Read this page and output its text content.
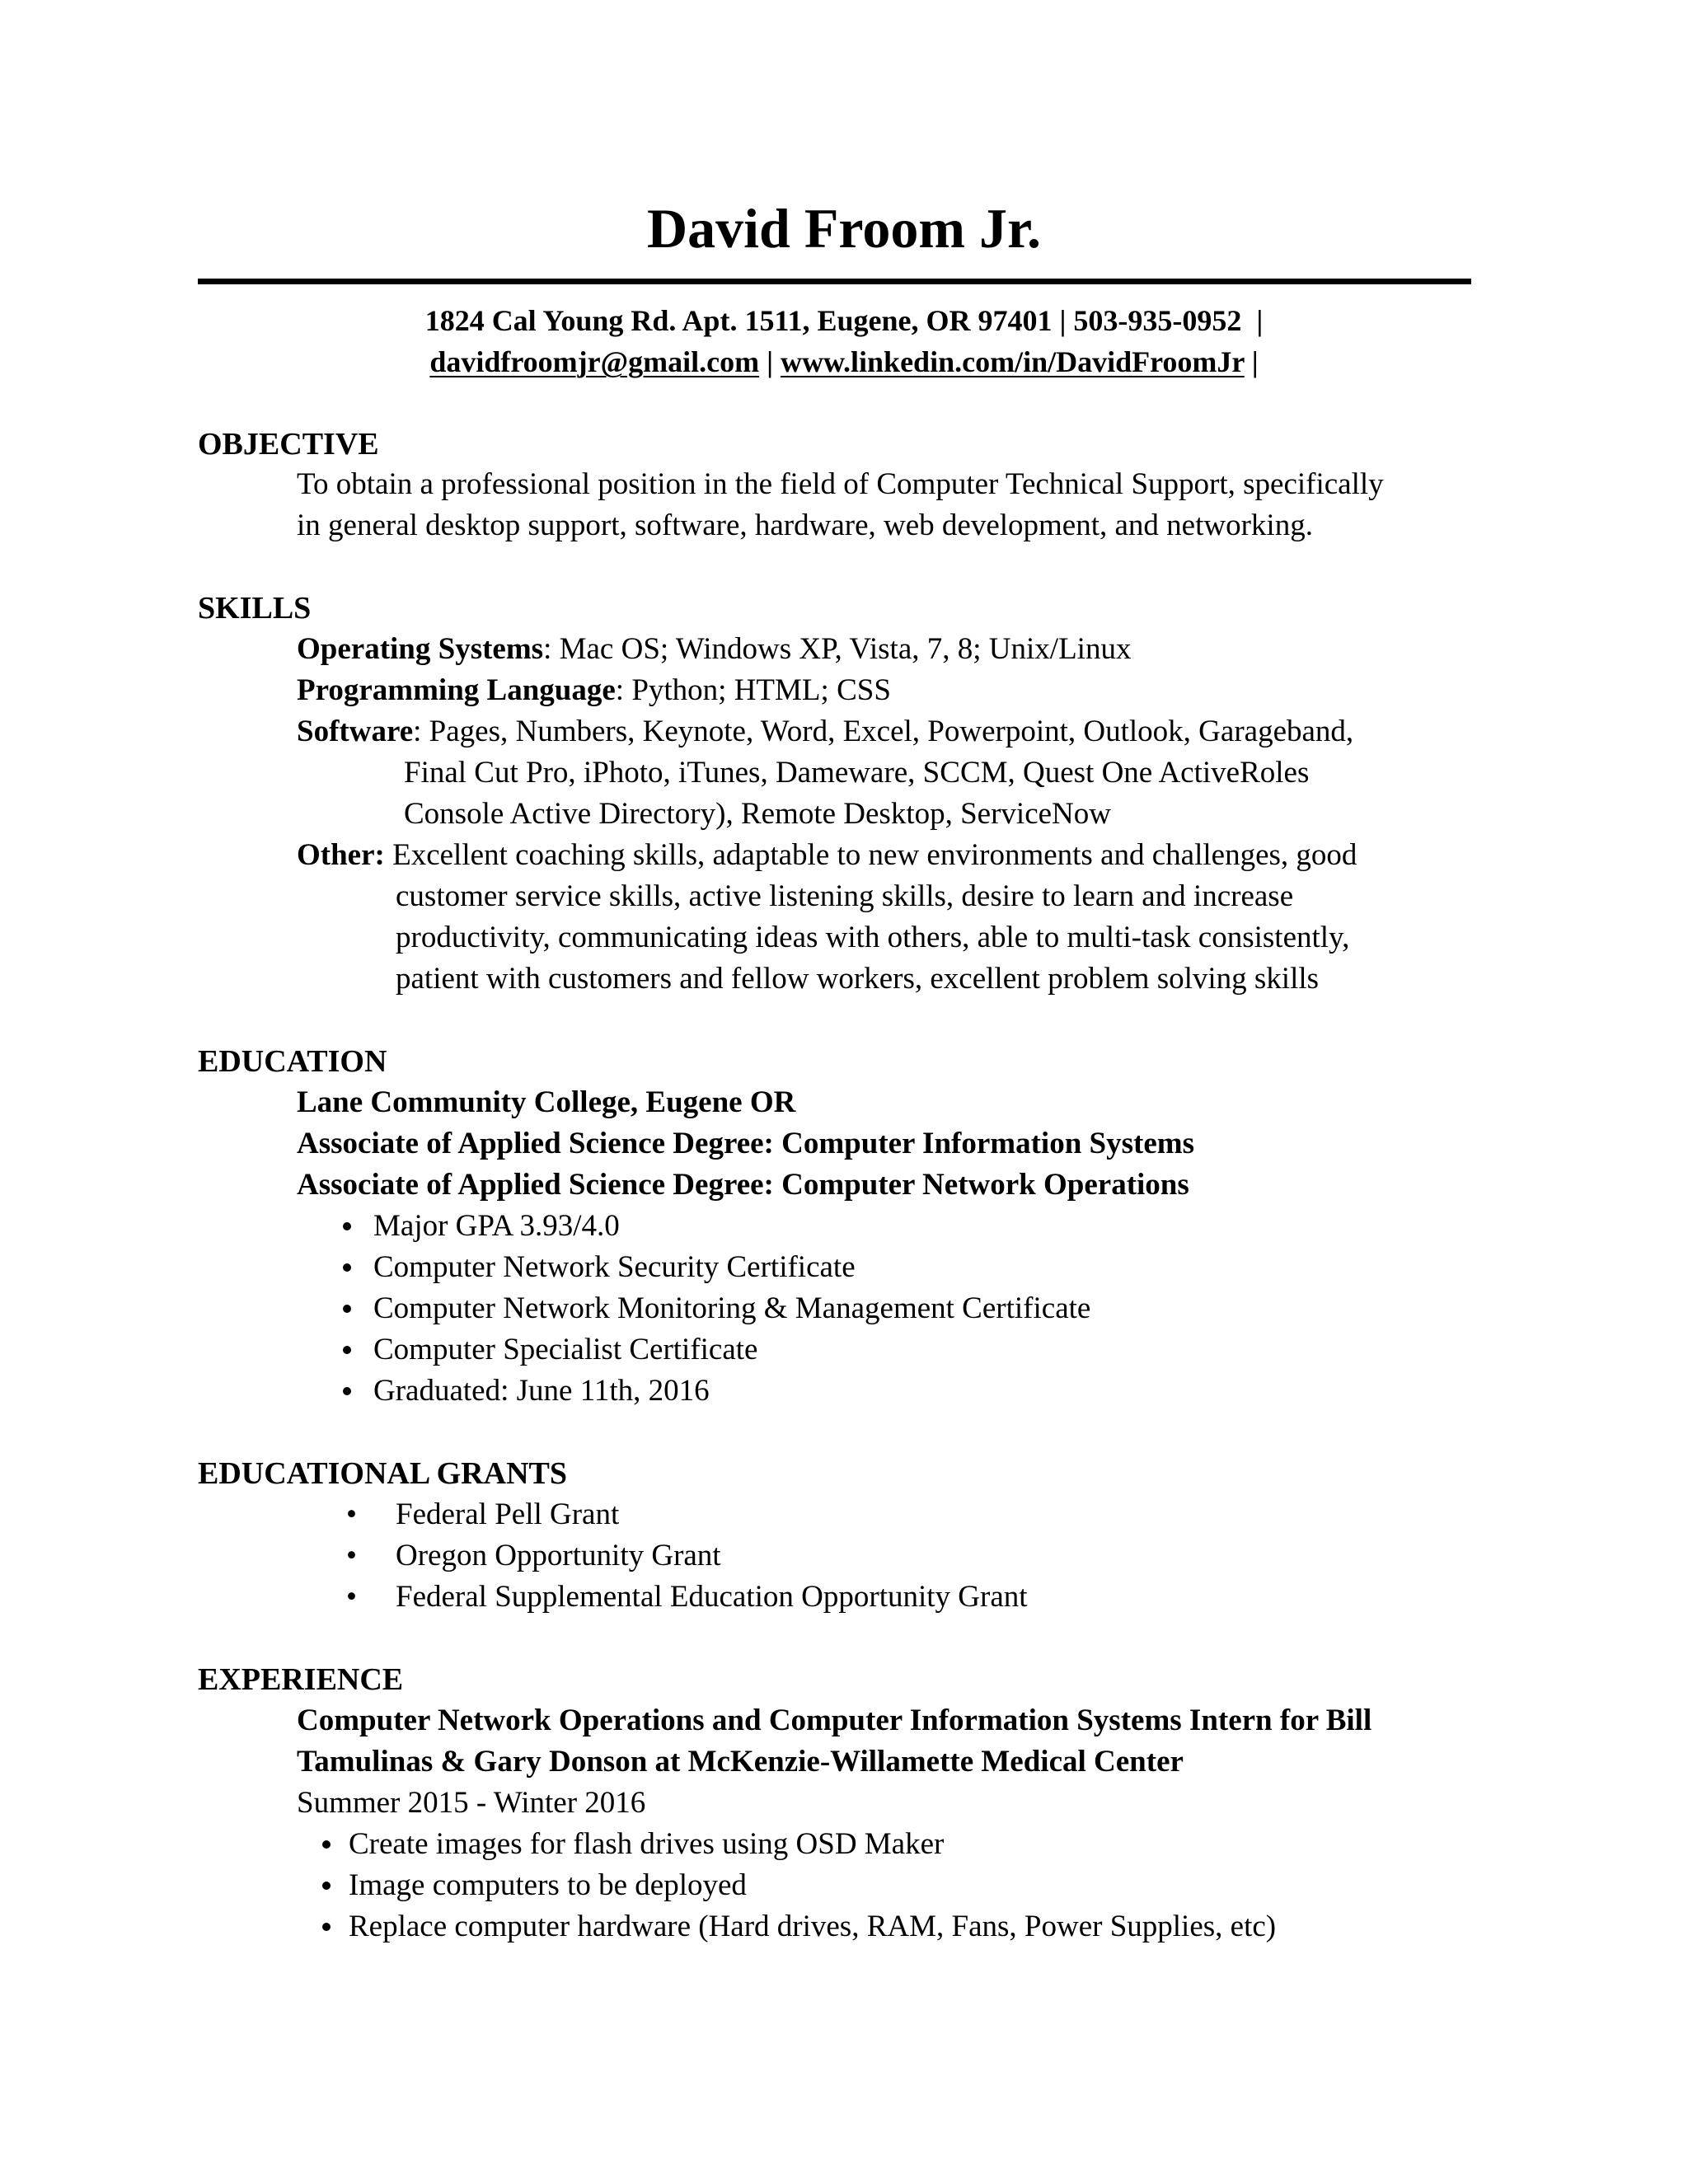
David Froom Jr.
1824 Cal Young Rd. Apt. 1511, Eugene, OR 97401 | 503-935-0952  |
davidfroomjr@gmail.com | www.linkedin.com/in/DavidFroomJr |
OBJECTIVE
To obtain a professional position in the field of Computer Technical Support, specifically
in general desktop support, software, hardware, web development, and networking.
SKILLS
Operating Systems: Mac OS; Windows XP, Vista, 7, 8; Unix/Linux
Programming Language: Python; HTML; CSS
Software: Pages, Numbers, Keynote, Word, Excel, Powerpoint, Outlook, Garageband,
Final Cut Pro, iPhoto, iTunes, Dameware, SCCM, Quest One ActiveRoles
Console Active Directory), Remote Desktop, ServiceNow
Other: Excellent coaching skills, adaptable to new environments and challenges, good
customer service skills, active listening skills, desire to learn and increase
productivity, communicating ideas with others, able to multi-task consistently,
patient with customers and fellow workers, excellent problem solving skills
EDUCATION
Lane Community College, Eugene OR
Associate of Applied Science Degree: Computer Information Systems
Associate of Applied Science Degree: Computer Network Operations
Major GPA 3.93/4.0
Computer Network Security Certificate
Computer Network Monitoring & Management Certificate
Computer Specialist Certificate
Graduated: June 11th, 2016
EDUCATIONAL GRANTS
• Federal Pell Grant
• Oregon Opportunity Grant
• Federal Supplemental Education Opportunity Grant
EXPERIENCE
Computer Network Operations and Computer Information Systems Intern for Bill
Tamulinas & Gary Donson at McKenzie-Willamette Medical Center
Summer 2015 - Winter 2016
Create images for flash drives using OSD Maker
Image computers to be deployed
Replace computer hardware (Hard drives, RAM, Fans, Power Supplies, etc)
